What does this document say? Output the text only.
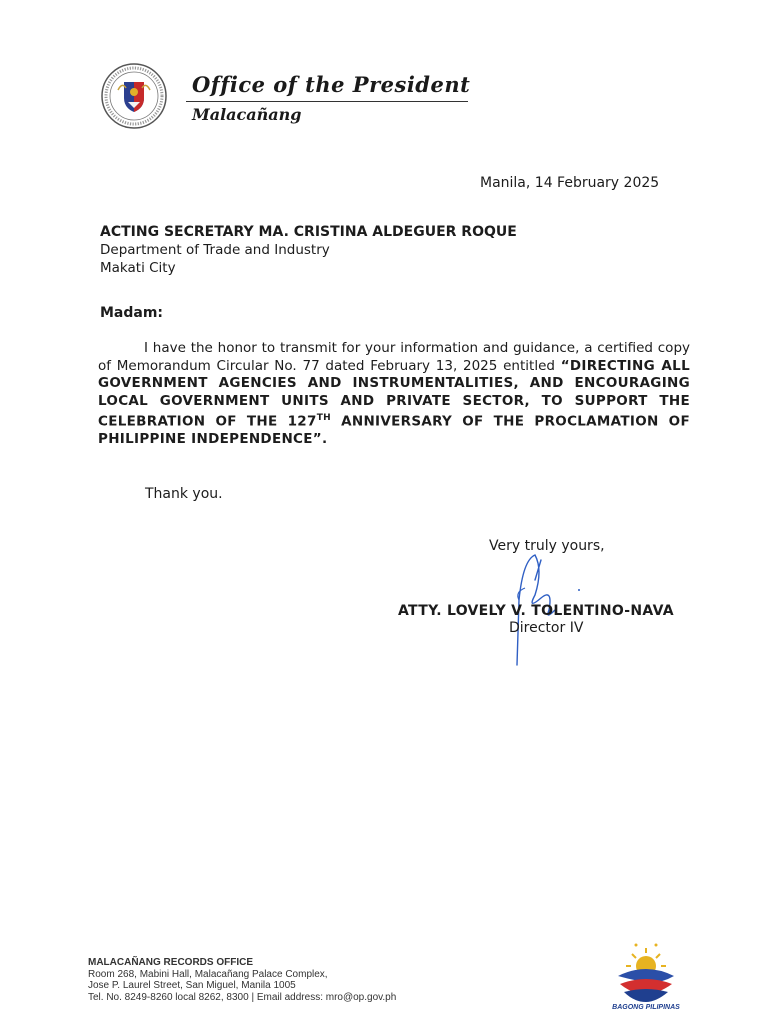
Office of the President
Malacañang
Manila, 14 February 2025
ACTING SECRETARY MA. CRISTINA ALDEGUER ROQUE
Department of Trade and Industry
Makati City
Madam:
I have the honor to transmit for your information and guidance, a certified copy of Memorandum Circular No. 77 dated February 13, 2025 entitled “DIRECTING ALL GOVERNMENT AGENCIES AND INSTRUMENTALITIES, AND ENCOURAGING LOCAL GOVERNMENT UNITS AND PRIVATE SECTOR, TO SUPPORT THE CELEBRATION OF THE 127TH ANNIVERSARY OF THE PROCLAMATION OF PHILIPPINE INDEPENDENCE”.
Thank you.
Very truly yours,
ATTY. LOVELY V. TOLENTINO-NAVA
Director IV
MALACAÑANG RECORDS OFFICE
Room 268, Mabini Hall, Malacañang Palace Complex,
Jose P. Laurel Street, San Miguel, Manila 1005
Tel. No. 8249-8260 local 8262, 8300 | Email address: mro@op.gov.ph
BAGONG PILIPINAS
